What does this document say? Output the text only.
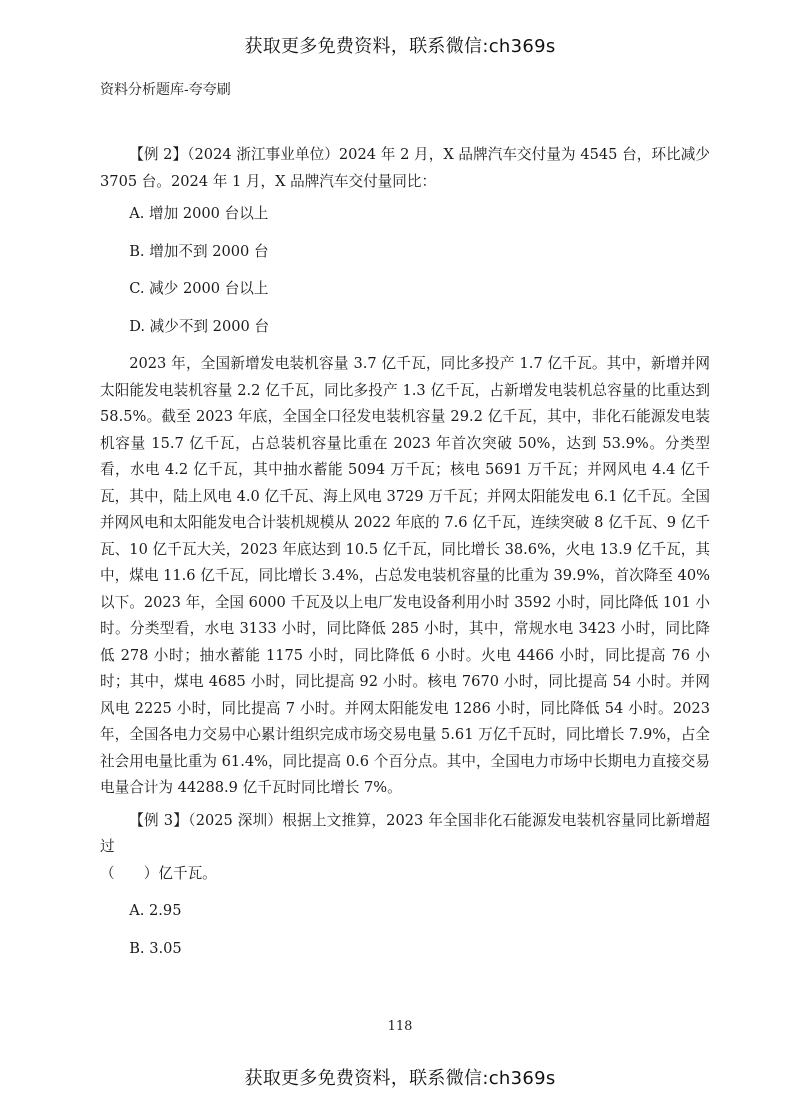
获取更多免费资料，联系微信:ch369s
资料分析题库-夸夸刷

【例 2】（2024 浙江事业单位）2024 年 2 月，X 品牌汽车交付量为 4545 台，环比减少 3705 台。2024 年 1 月，X 品牌汽车交付量同比：

A. 增加 2000 台以上

B. 增加不到 2000 台

C. 减少 2000 台以上

D. 减少不到 2000 台

2023 年，全国新增发电装机容量 3.7 亿千瓦，同比多投产 1.7 亿千瓦。其中，新增并网太阳能发电装机容量 2.2 亿千瓦，同比多投产 1.3 亿千瓦，占新增发电装机总容量的比重达到 58.5%。截至 2023 年底，全国全口径发电装机容量 29.2 亿千瓦，其中，非化石能源发电装机容量 15.7 亿千瓦，占总装机容量比重在 2023 年首次突破 50%，达到 53.9%。分类型看，水电 4.2 亿千瓦，其中抽水蓄能 5094 万千瓦；核电 5691 万千瓦；并网风电 4.4 亿千瓦，其中，陆上风电 4.0 亿千瓦、海上风电 3729 万千瓦；并网太阳能发电 6.1 亿千瓦。全国并网风电和太阳能发电合计装机规模从 2022 年底的 7.6 亿千瓦，连续突破 8 亿千瓦、9 亿千瓦、10 亿千瓦大关，2023 年底达到 10.5 亿千瓦，同比增长 38.6%，火电 13.9 亿千瓦，其中，煤电 11.6 亿千瓦，同比增长 3.4%，占总发电装机容量的比重为 39.9%，首次降至 40%以下。2023 年，全国 6000 千瓦及以上电厂发电设备利用小时 3592 小时，同比降低 101 小时。分类型看，水电 3133 小时，同比降低 285 小时，其中，常规水电 3423 小时，同比降低 278 小时；抽水蓄能 1175 小时，同比降低 6 小时。火电 4466 小时，同比提高 76 小时；其中，煤电 4685 小时，同比提高 92 小时。核电 7670 小时，同比提高 54 小时。并网风电 2225 小时，同比提高 7 小时。并网太阳能发电 1286 小时，同比降低 54 小时。2023 年，全国各电力交易中心累计组织完成市场交易电量 5.61 万亿千瓦时，同比增长 7.9%，占全社会用电量比重为 61.4%，同比提高 0.6 个百分点。其中，全国电力市场中长期电力直接交易电量合计为 44288.9 亿千瓦时同比增长 7%。

【例 3】（2025 深圳）根据上文推算，2023 年全国非化石能源发电装机容量同比新增超过

（　　）亿千瓦。

A. 2.95

B. 3.05

118
获取更多免费资料，联系微信:ch369s
